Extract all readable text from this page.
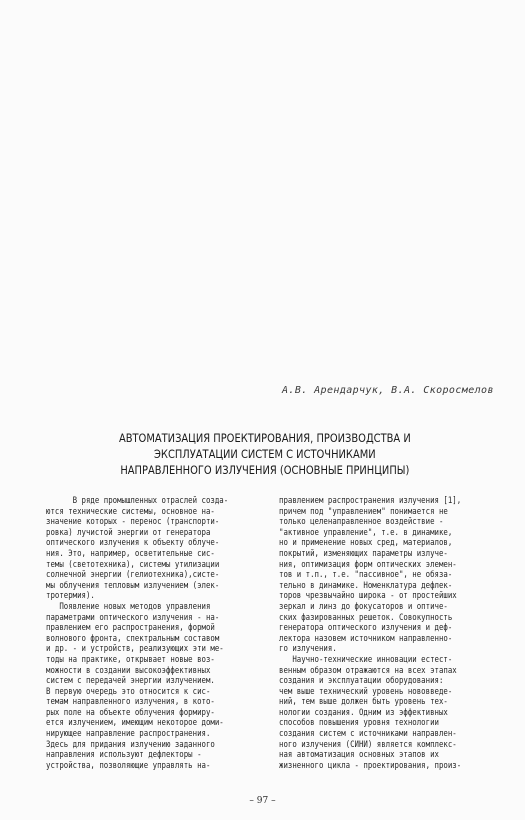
А.В. Арендарчук, В.А. Скоросмелов
АВТОМАТИЗАЦИЯ ПРОЕКТИРОВАНИЯ, ПРОИЗВОДСТВА И
ЭКСПЛУАТАЦИИ СИСТЕМ С ИСТОЧНИКАМИ
НАПРАВЛЕННОГО ИЗЛУЧЕНИЯ (ОСНОВНЫЕ ПРИНЦИПЫ)
В ряде промышленных отраслей созда-
ются технические системы, основное на-
значение которых - перенос (транспорти-
ровка) лучистой энергии от генератора
оптического излучения к объекту облуче-
ния. Это, например, осветительные сис-
темы (светотехника), системы утилизации
солнечной энергии (гелиотехника),систе-
мы облучения тепловым излучением (элек-
тротермия).
Появление новых методов управления
параметрами оптического излучения - на-
правлением его распространения, формой
волнового фронта, спектральным составом
и др. - и устройств, реализующих эти ме-
тоды на практике, открывает новые воз-
можности в создании высокоэффективных
систем с передачей энергии излучением.
В первую очередь это относится к сис-
темам направленного излучения, в кото-
рых поле на объекте облучения формиру-
ется излучением, имеющим некоторое доми-
нирующее направление распространения.
Здесь для придания излучению заданного
направления используют дефлекторы -
устройства, позволяющие управлять на-
правлением распространения излучения [1],
причем под "управлением" понимается не
только целенаправленное воздействие -
"активное управление", т.е. в динамике,
но и применение новых сред, материалов,
покрытий, изменяющих параметры излуче-
ния, оптимизация форм оптических элемен-
тов и т.п., т.е. "пассивное", не обяза-
тельно в динамике. Номенклатура дефлек-
торов чрезвычайно широка - от простейших
зеркал и линз до фокусаторов и оптиче-
ских фазированных решеток. Совокупность
генератора оптического излучения и деф-
лектора назовем источником направленно-
го излучения.
Научно-технические инновации естест-
венным образом отражаются на всех этапах
создания и эксплуатации оборудования:
чем выше технический уровень нововведе-
ний, тем выше должен быть уровень тех-
нологии создания. Одним из эффективных
способов повышения уровня технологии
создания систем с источниками направлен-
ного излучения (СИНИ) является комплекс-
ная автоматизация основных этапов их
жизненного цикла - проектирования, произ-
– 97 –
